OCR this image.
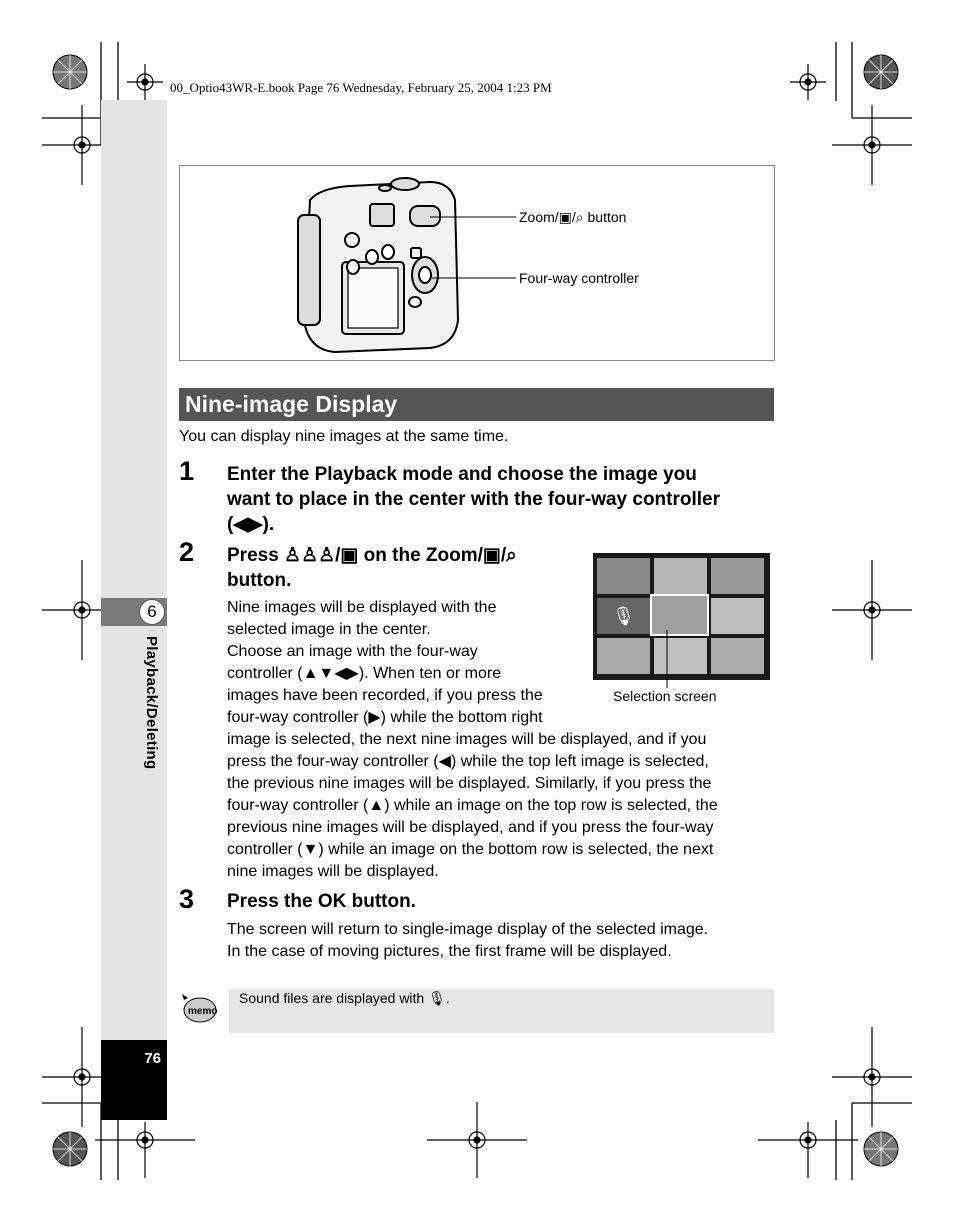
00_Optio43WR-E.book Page 76 Wednesday, February 25, 2004 1:23 PM
6
Playback/Deleting
76
Zoom/▣/⌕ button
Four-way controller
Nine-image Display
You can display nine images at the same time.
1 Enter the Playback mode and choose the image you
want to place in the center with the four-way controller
(◀▶).
2 Press ♙♙♙/▣ on the Zoom/▣/⌕
button.
Nine images will be displayed with the
selected image in the center.
Choose an image with the four-way
controller (▲▼◀▶). When ten or more
images have been recorded, if you press the
four-way controller (▶) while the bottom right
image is selected, the next nine images will be displayed, and if you
press the four-way controller (◀) while the top left image is selected,
the previous nine images will be displayed. Similarly, if you press the
four-way controller (▲) while an image on the top row is selected, the
previous nine images will be displayed, and if you press the four-way
controller (▼) while an image on the bottom row is selected, the next
nine images will be displayed.
🎙
Selection screen
3 Press the OK button.
The screen will return to single-image display of the selected image.
In the case of moving pictures, the first frame will be displayed.
memo
Sound files are displayed with 🎙.
